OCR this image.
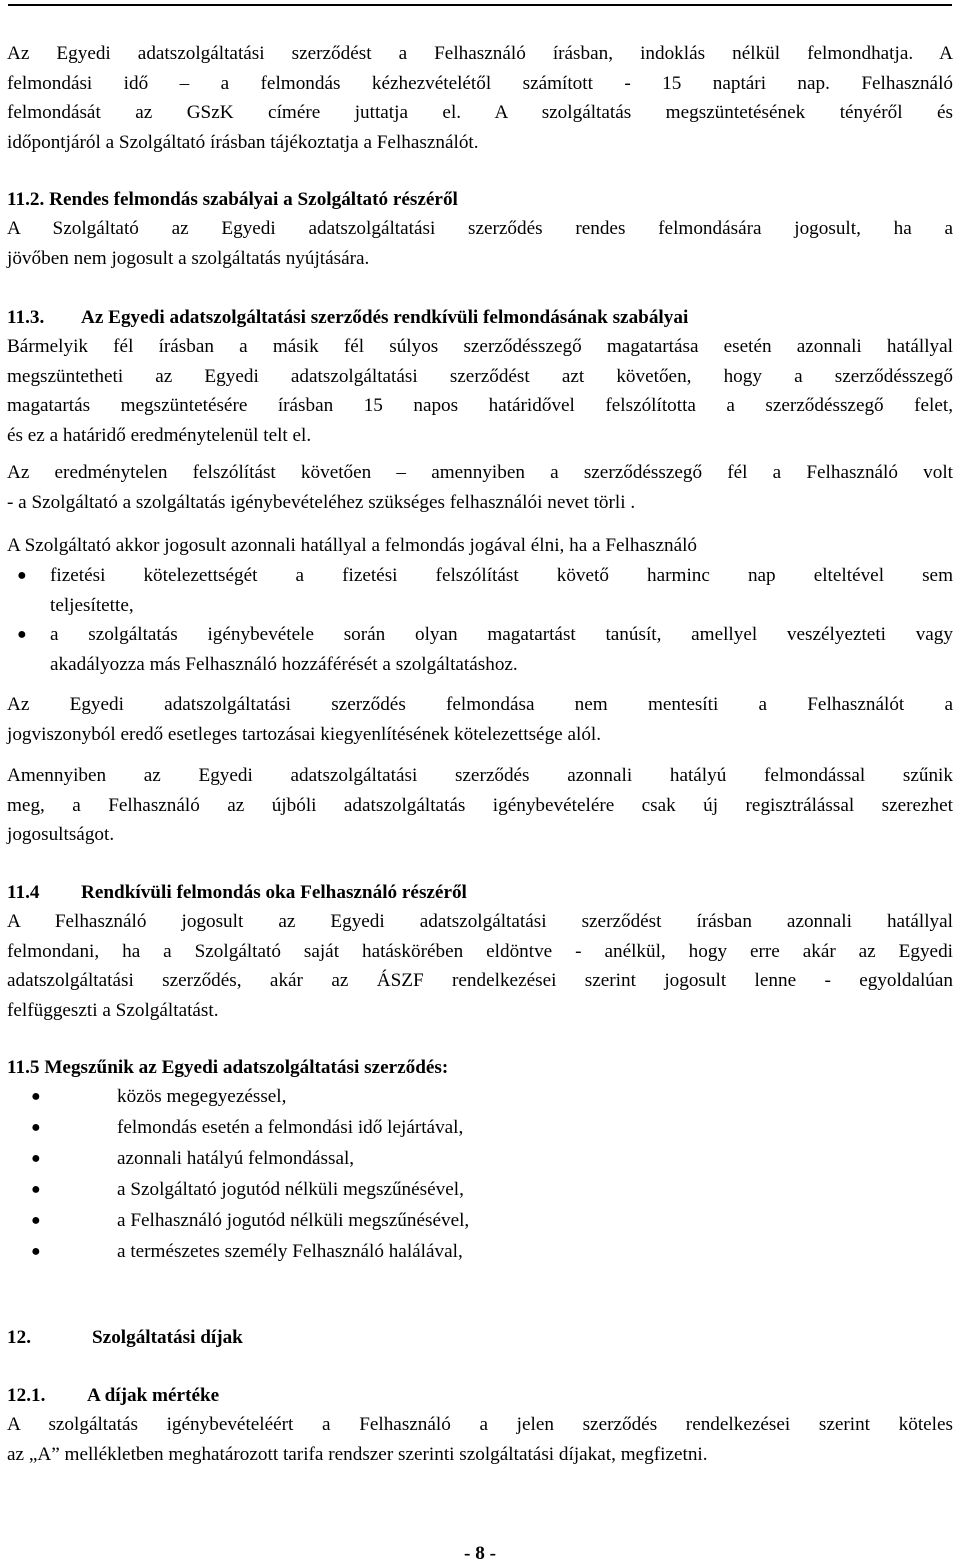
Az Egyedi adatszolgáltatási szerződést a Felhasználó írásban, indoklás nélkül felmondhatja. A
felmondási idő – a felmondás kézhezvételétől számított - 15 naptári nap. Felhasználó
felmondását az GSzK címére juttatja el. A szolgáltatás megszüntetésének tényéről és
időpontjáról a Szolgáltató írásban tájékoztatja a Felhasználót.
11.2. Rendes felmondás szabályai a Szolgáltató részéről
A Szolgáltató az Egyedi adatszolgáltatási szerződés rendes felmondására jogosult, ha a
jövőben nem jogosult a szolgáltatás nyújtására.
11.3. Az Egyedi adatszolgáltatási szerződés rendkívüli felmondásának szabályai
Bármelyik fél írásban a másik fél súlyos szerződésszegő magatartása esetén azonnali hatállyal
megszüntetheti az Egyedi adatszolgáltatási szerződést azt követően, hogy a szerződésszegő
magatartás megszüntetésére írásban 15 napos határidővel felszólította a szerződésszegő felet,
és ez a határidő eredménytelenül telt el.
Az eredménytelen felszólítást követően – amennyiben a szerződésszegő fél a Felhasználó volt
- a Szolgáltató a szolgáltatás igénybevételéhez szükséges felhasználói nevet törli .
A Szolgáltató akkor jogosult azonnali hatállyal a felmondás jogával élni, ha a Felhasználó
● fizetési kötelezettségét a fizetési felszólítást követő harminc nap elteltével sem
teljesítette,
● a szolgáltatás igénybevétele során olyan magatartást tanúsít, amellyel veszélyezteti vagy
akadályozza más Felhasználó hozzáférését a szolgáltatáshoz.
Az Egyedi adatszolgáltatási szerződés felmondása nem mentesíti a Felhasználót a
jogviszonyból eredő esetleges tartozásai kiegyenlítésének kötelezettsége alól.
Amennyiben az Egyedi adatszolgáltatási szerződés azonnali hatályú felmondással szűnik
meg, a Felhasználó az újbóli adatszolgáltatás igénybevételére csak új regisztrálással szerezhet
jogosultságot.
11.4 Rendkívüli felmondás oka Felhasználó részéről
A Felhasználó jogosult az Egyedi adatszolgáltatási szerződést írásban azonnali hatállyal
felmondani, ha a Szolgáltató saját hatáskörében eldöntve - anélkül, hogy erre akár az Egyedi
adatszolgáltatási szerződés, akár az ÁSZF rendelkezései szerint jogosult lenne - egyoldalúan
felfüggeszti a Szolgáltatást.
11.5 Megszűnik az Egyedi adatszolgáltatási szerződés:
●	közös megegyezéssel,
●	felmondás esetén a felmondási idő lejártával,
●	azonnali hatályú felmondással,
●	a Szolgáltató jogutód nélküli megszűnésével,
●	a Felhasználó jogutód nélküli megszűnésével,
●	a természetes személy Felhasználó halálával,
12.	Szolgáltatási díjak
12.1. A díjak mértéke
A szolgáltatás igénybevételéért a Felhasználó a jelen szerződés rendelkezései szerint köteles
az „A” mellékletben meghatározott tarifa rendszer szerinti szolgáltatási díjakat, megfizetni.
- 8 -
